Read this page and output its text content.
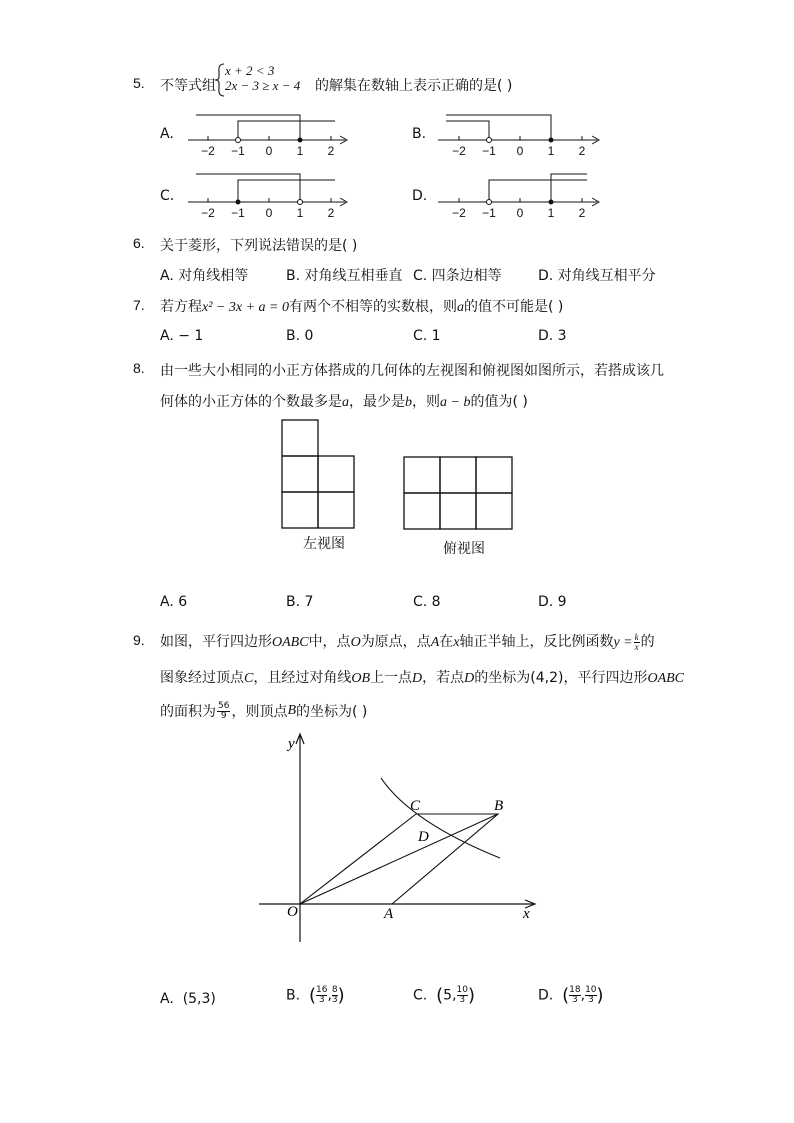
5. 不等式组
x + 2 < 3
2x − 3 ≥ x − 4 的解集在数轴上表示正确的是( )
A.	B.
C.	D.
−2 −1 0 1 2	−2 −1 0 1 2
−2 −1 0 1 2	−2 −1 0 1 2
6. 关于菱形，下列说法错误的是( )
A. 对角线相等	B. 对角线互相垂直 C. 四条边相等	D. 对角线互相平分
7. 若方程x² − 3x + a = 0有两个不相等的实数根，则a的值不可能是( )
A. − 1	B. 0	C. 1	D. 3
8. 由一些大小相同的小正方体搭成的几何体的左视图和俯视图如图所示，若搭成该几
何体的小正方体的个数最多是a，最少是b，则a − b的值为( )
左视图	俯视图
A. 6	B. 7	C. 8	D. 9
9. 如图，平行四边形OABC中，点O为原点，点A在x轴正半轴上，反比例函数$y = \frac{k}{x}$ 的
图象经过顶点C，且经过对角线OB上一点D，若点D的坐标为(4,2)，平行四边形OABC
的面积为 $\frac{56}{9}$ ，则顶点B的坐标为( )
y
x
O	A
B
C
D
A. (5,3)	B. ( $\frac{16}{3}$ , $\frac{8}{3}$ )	C. (5, $\frac{10}{3}$ )	D. ( $\frac{18}{3}$ , $\frac{10}{3}$ )
